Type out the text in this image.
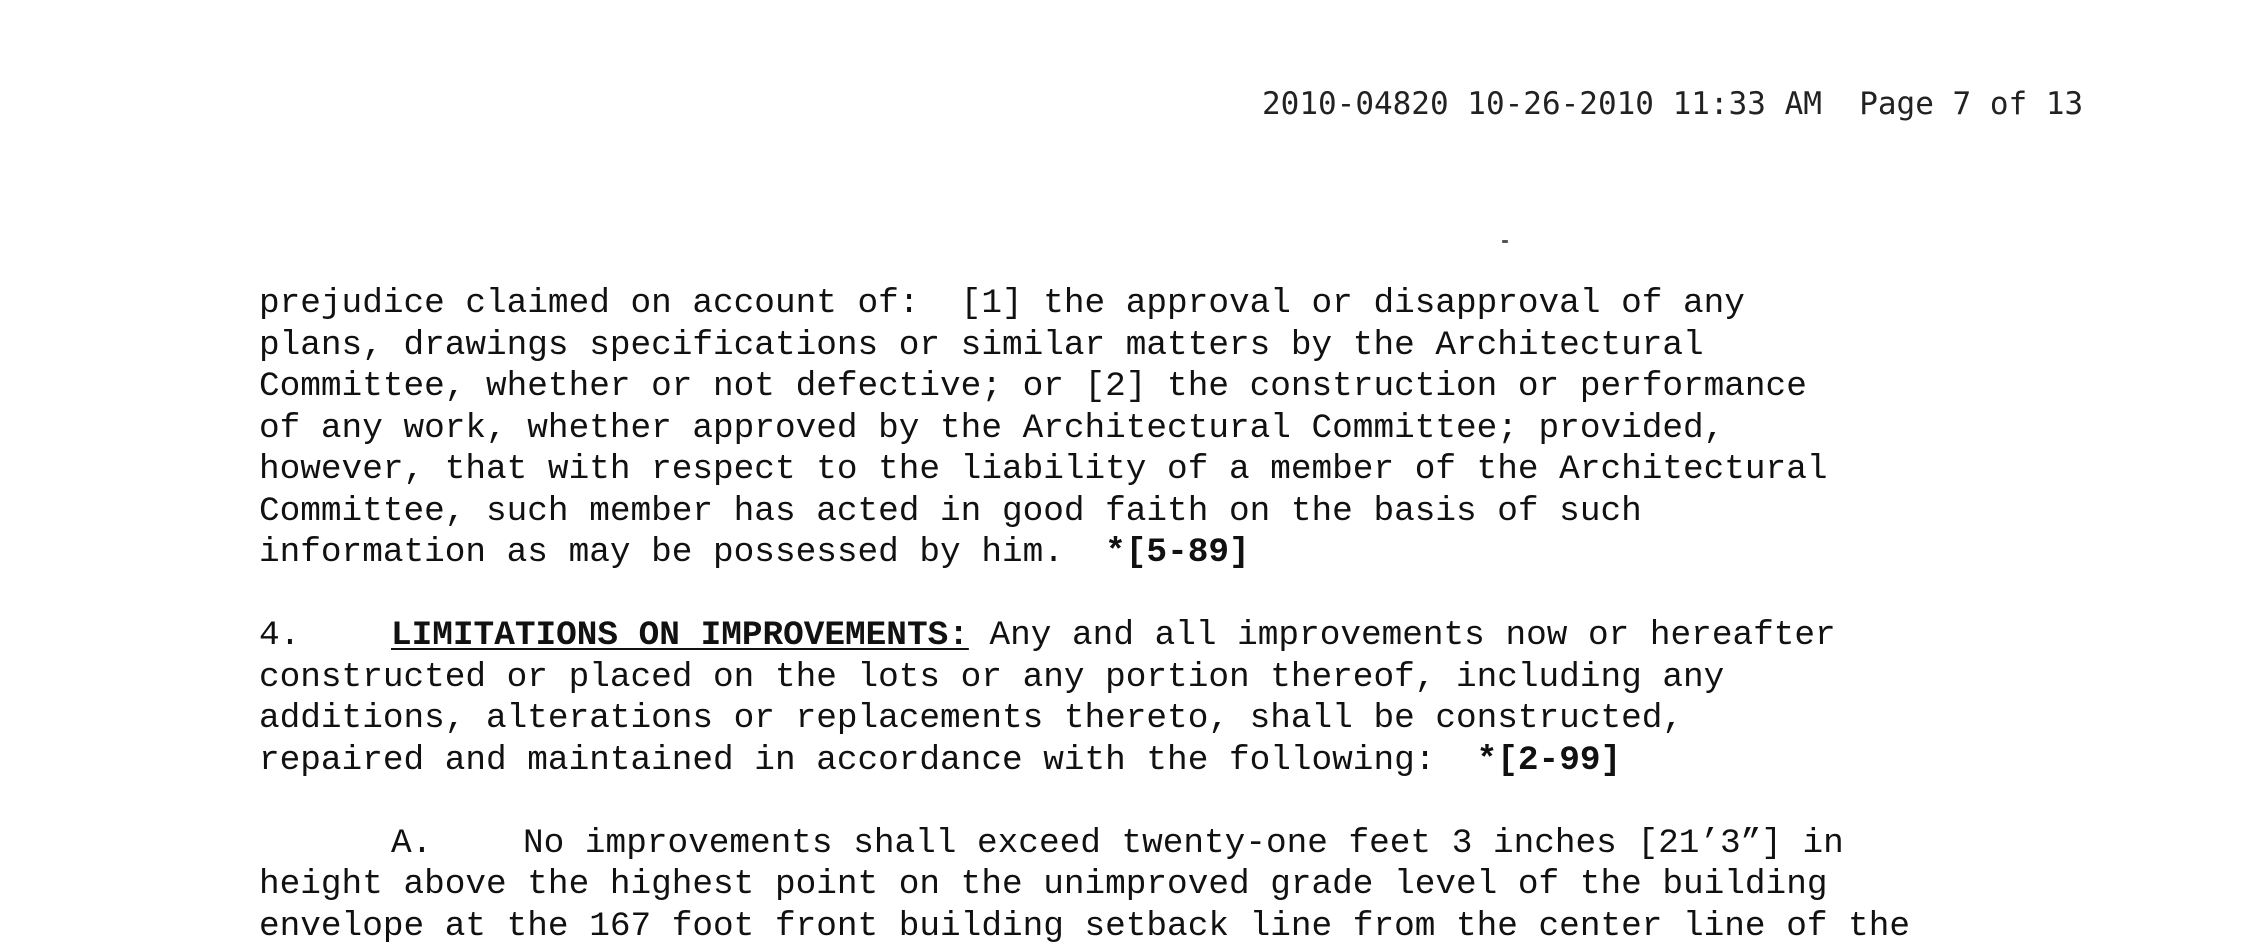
2010-04820 10-26-2010 11:33 AM  Page 7 of 13
prejudice claimed on account of:  [1] the approval or disapproval of any
plans, drawings specifications or similar matters by the Architectural
Committee, whether or not defective; or [2] the construction or performance
of any work, whether approved by the Architectural Committee; provided,
however, that with respect to the liability of a member of the Architectural
Committee, such member has acted in good faith on the basis of such
information as may be possessed by him.  *[5-89]
4.	LIMITATIONS ON IMPROVEMENTS: Any and all improvements now or hereafter
constructed or placed on the lots or any portion thereof, including any
additions, alterations or replacements thereto, shall be constructed,
repaired and maintained in accordance with the following:  *[2-99]
A.	No improvements shall exceed twenty-one feet 3 inches [21’3”] in
height above the highest point on the unimproved grade level of the building
envelope at the 167 foot front building setback line from the center line of the
